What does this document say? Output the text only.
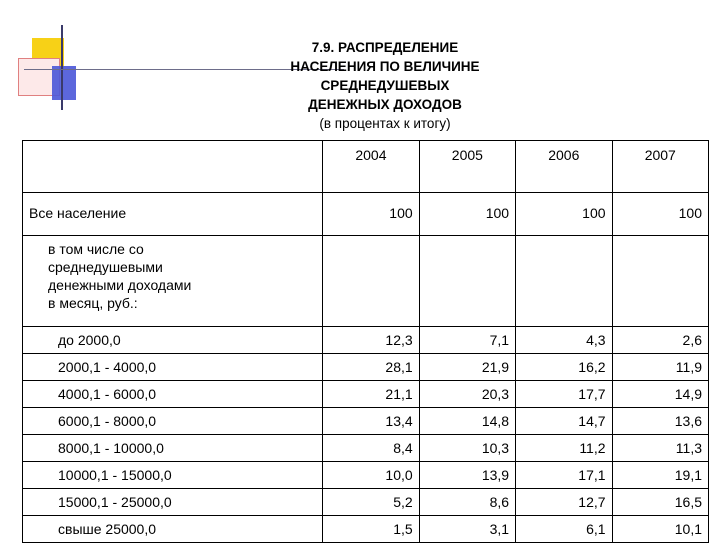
7.9. РАСПРЕДЕЛЕНИЕ
НАСЕЛЕНИЯ ПО ВЕЛИЧИНЕ
СРЕДНЕДУШЕВЫХ
ДЕНЕЖНЫХ ДОХОДОВ
(в процентах к итогу)
	2004	2005	2006	2007
Все население	100	100	100	100

в том числе со
среднедушевыми
денежными доходами
в месяц, руб.:				

до 2000,0	12,3	7,1	4,3	2,6
2000,1 - 4000,0	28,1	21,9	16,2	11,9
4000,1 - 6000,0	21,1	20,3	17,7	14,9
6000,1 - 8000,0	13,4	14,8	14,7	13,6
8000,1 - 10000,0	8,4	10,3	11,2	11,3
10000,1 - 15000,0	10,0	13,9	17,1	19,1
15000,1 - 25000,0	5,2	8,6	12,7	16,5
свыше 25000,0	1,5	3,1	6,1	10,1
